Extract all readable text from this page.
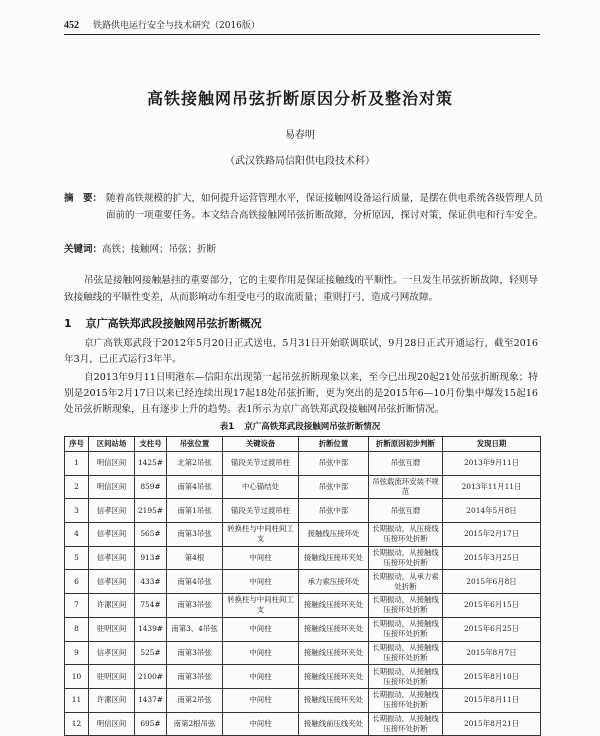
452 铁路供电运行安全与技术研究（2016版）
高铁接触网吊弦折断原因分析及整治对策
易春明
（武汉铁路局信阳供电段技术科）
摘　要： 随着高铁规模的扩大，如何提升运营管理水平，保证接触网设备运行质量，是摆在供电系统各级管理人员面前的一项重要任务。本文结合高铁接触网吊弦折断故障，分析原因，探讨对策，保证供电和行车安全。
关键词：高铁；接触网；吊弦；折断
吊弦是接触网接触悬挂的重要部分，它的主要作用是保证接触线的平顺性。一旦发生吊弦折断故障，轻则导致接触线的平顺性变差，从而影响动车组受电弓的取流质量；重则打弓，造成弓网故障。
1 京广高铁郑武段接触网吊弦折断概况
京广高铁郑武段于2012年5月20日正式送电，5月31日开始联调联试，9月28日正式开通运行，截至2016年3月，已正式运行3年半。
自2013年9月11日明港东—信阳东出现第一起吊弦折断现象以来，至今已出现20起21处吊弦折断现象；特别是2015年2月17日以来已经连续出现17起18处吊弦折断，更为突出的是2015年6—10月份集中爆发15起16处吊弦折断现象，且有逐步上升的趋势。表1所示为京广高铁郑武段接触网吊弦折断情况。
表1 京广高铁郑武段接触网吊弦折断情况
序号	区间站场	支柱号	吊弦位置	关键设备	折断位置	折断原因初步判断	发现日期
1	明信区间	1425#	北第2吊弦	锚段关节过渡吊柱	吊弦中部	吊弦互磨	2013年9月11日
2	明信区间	859#	南第4吊弦	中心锚结处	吊弦中部	吊弦载流环安装不规范	2013年11月11日
3	信孝区间	2195#	南第1吊弦	锚段关节过渡吊柱	吊弦中部	吊弦互磨	2014年5月8日
4	信孝区间	565#	南第3吊弦	转换柱与中间柱间工支	接触线压接环处	长期振动，从压接线压接环处折断	2015年2月17日
5	信孝区间	913#	第4根	中间柱	接触线压接环夹处	长期振动，从接触线压接环处折断	2015年3月25日
6	信孝区间	433#	南第4吊弦	中间柱	承力索压接环处	长期振动，从承力索处折断	2015年6月8日
7	许漯区间	754#	南第3吊弦	转换柱与中间柱间工支	接触线压接环夹处	长期振动，从接触线压接环处折断	2015年6月15日
8	驻明区间	1439#	南第3、4吊弦	中间柱	接触线压接环夹处	长期振动，从接触线压接环处折断	2015年6月25日
9	信孝区间	525#	南第3吊弦	中间柱	接触线压接环夹处	长期振动，从接触线压接环处折断	2015年8月7日
10	驻明区间	2100#	南第3吊弦	中间柱	接触线压接环夹处	长期振动，从接触线压接环处折断	2015年8月10日
11	许漯区间	1437#	南第2吊弦	中间柱	接触线压接环夹处	长期振动，从接触线压接环处折断	2015年8月11日
12	明信区间	695#	南第2根吊弦	中间柱	接触线前压线夹处	长期振动，从接触线压接环处折断	2015年8月21日
